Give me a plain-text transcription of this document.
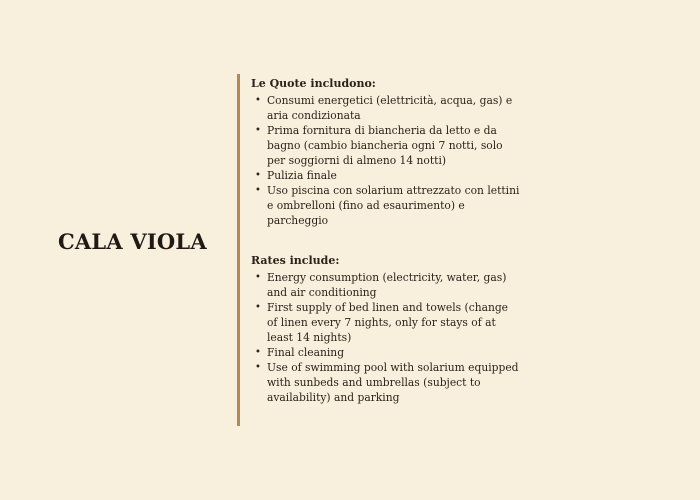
CALA VIOLA
Le Quote includono:
• Consumi energetici (elettricità, acqua, gas) e aria condizionata
• Prima fornitura di biancheria da letto e da bagno (cambio biancheria ogni 7 notti, solo per soggiorni di almeno 14 notti)
• Pulizia finale
• Uso piscina con solarium attrezzato con lettini e ombrelloni (fino ad esaurimento) e parcheggio
Rates include:
• Energy consumption (electricity, water, gas) and air conditioning
• First supply of bed linen and towels (change of linen every 7 nights, only for stays of at least 14 nights)
• Final cleaning
• Use of swimming pool with solarium equipped with sunbeds and umbrellas (subject to availability) and parking
